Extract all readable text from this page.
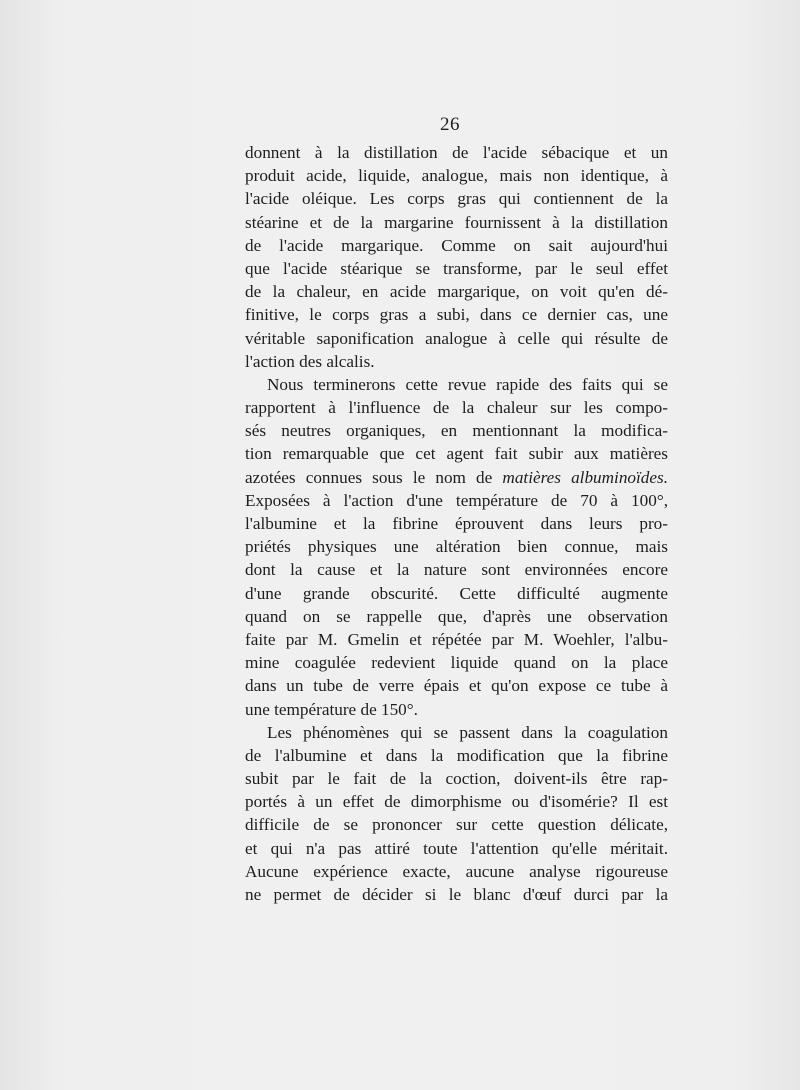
26
donnent à la distillation de l'acide sébacique et un
produit acide, liquide, analogue, mais non identique, à
l'acide oléique. Les corps gras qui contiennent de la
stéarine et de la margarine fournissent à la distillation
de l'acide margarique. Comme on sait aujourd'hui
que l'acide stéarique se transforme, par le seul effet
de la chaleur, en acide margarique, on voit qu'en dé-
finitive, le corps gras a subi, dans ce dernier cas, une
véritable saponification analogue à celle qui résulte de
l'action des alcalis.
Nous terminerons cette revue rapide des faits qui se
rapportent à l'influence de la chaleur sur les compo-
sés neutres organiques, en mentionnant la modifica-
tion remarquable que cet agent fait subir aux matières
azotées connues sous le nom de matières albuminoïdes.
Exposées à l'action d'une température de 70 à 100°,
l'albumine et la fibrine éprouvent dans leurs pro-
priétés physiques une altération bien connue, mais
dont la cause et la nature sont environnées encore
d'une grande obscurité. Cette difficulté augmente
quand on se rappelle que, d'après une observation
faite par M. Gmelin et répétée par M. Woehler, l'albu-
mine coagulée redevient liquide quand on la place
dans un tube de verre épais et qu'on expose ce tube à
une température de 150°.
Les phénomènes qui se passent dans la coagulation
de l'albumine et dans la modification que la fibrine
subit par le fait de la coction, doivent-ils être rap-
portés à un effet de dimorphisme ou d'isomérie? Il est
difficile de se prononcer sur cette question délicate,
et qui n'a pas attiré toute l'attention qu'elle méritait.
Aucune expérience exacte, aucune analyse rigoureuse
ne permet de décider si le blanc d'œuf durci par la
